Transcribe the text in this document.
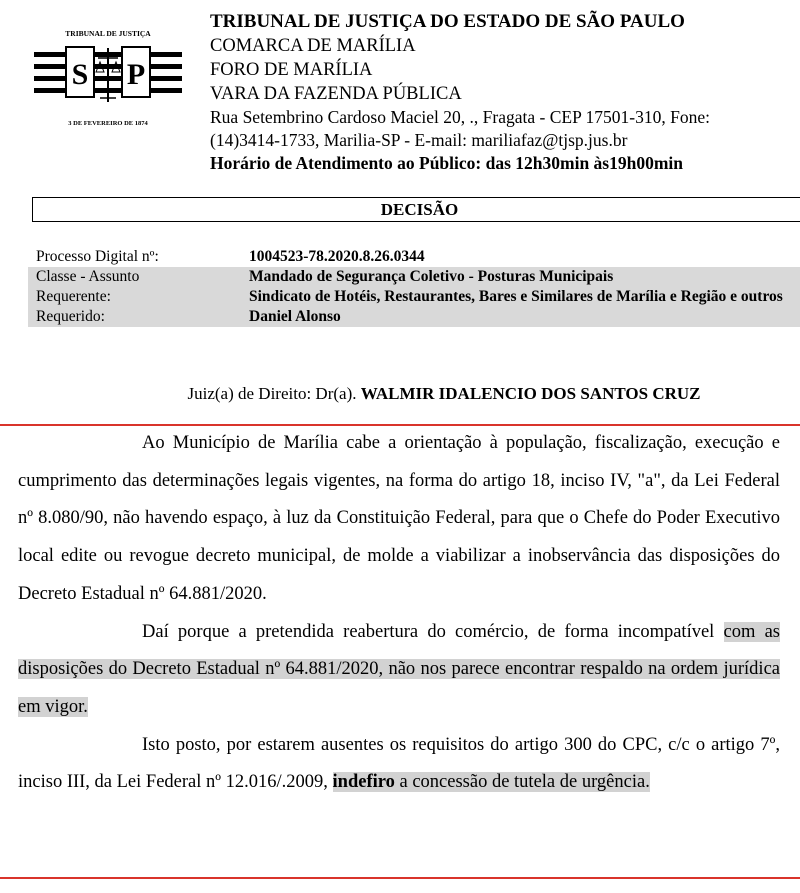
TRIBUNAL DE JUSTIÇA
S P
3 DE FEVEREIRO DE 1874
TRIBUNAL DE JUSTIÇA DO ESTADO DE SÃO PAULO
COMARCA DE MARÍLIA
FORO DE MARÍLIA
VARA DA FAZENDA PÚBLICA
Rua Setembrino Cardoso Maciel 20, ., Fragata - CEP 17501-310, Fone:
(14)3414-1733, Marilia-SP - E-mail: mariliafaz@tjsp.jus.br
Horário de Atendimento ao Público: das 12h30min às19h00min
DECISÃO
Processo Digital nº:	1004523-78.2020.8.26.0344
Classe - Assunto	Mandado de Segurança Coletivo - Posturas Municipais
Requerente:	Sindicato de Hotéis, Restaurantes, Bares e Similares de Marília e Região e outros
Requerido:	Daniel Alonso
Juiz(a) de Direito: Dr(a). WALMIR IDALENCIO DOS SANTOS CRUZ

Ao Município de Marília cabe a orientação à população, fiscalização, execução e cumprimento das determinações legais vigentes, na forma do artigo 18, inciso IV, "a", da Lei Federal nº 8.080/90, não havendo espaço, à luz da Constituição Federal, para que o Chefe do Poder Executivo local edite ou revogue decreto municipal, de molde a viabilizar a inobservância das disposições do Decreto Estadual nº 64.881/2020.

Daí porque a pretendida reabertura do comércio, de forma incompatível com as disposições do Decreto Estadual nº 64.881/2020, não nos parece encontrar respaldo na ordem jurídica em vigor.

Isto posto, por estarem ausentes os requisitos do artigo 300 do CPC, c/c o artigo 7º, inciso III, da Lei Federal nº 12.016/.2009, indefiro a concessão de tutela de urgência.
